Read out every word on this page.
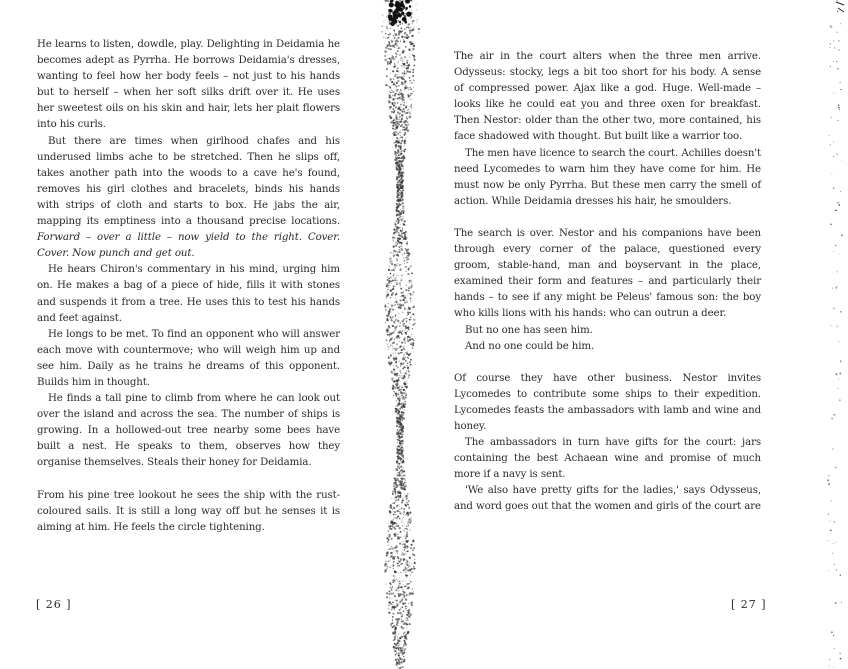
He learns to listen, dowdle, play. Delighting in Deidamia he becomes adept as Pyrrha. He borrows Deidamia's dresses, wanting to feel how her body feels – not just to his hands but to herself – when her soft silks drift over it. He uses her sweetest oils on his skin and hair, lets her plait flowers into his curls.

But there are times when girlhood chafes and his underused limbs ache to be stretched. Then he slips off, takes another path into the woods to a cave he's found, removes his girl clothes and bracelets, binds his hands with strips of cloth and starts to box. He jabs the air, mapping its emptiness into a thousand precise locations. Forward – over a little – now yield to the right. Cover. Cover. Now punch and get out.

He hears Chiron's commentary in his mind, urging him on. He makes a bag of a piece of hide, fills it with stones and suspends it from a tree. He uses this to test his hands and feet against.

He longs to be met. To find an opponent who will answer each move with countermove; who will weigh him up and see him. Daily as he trains he dreams of this opponent. Builds him in thought.

He finds a tall pine to climb from where he can look out over the island and across the sea. The number of ships is growing. In a hollowed-out tree nearby some bees have built a nest. He speaks to them, observes how they organise themselves. Steals their honey for Deidamia.

From his pine tree lookout he sees the ship with the rust-coloured sails. It is still a long way off but he senses it is aiming at him. He feels the circle tightening.

[ 26 ]

The air in the court alters when the three men arrive. Odysseus: stocky, legs a bit too short for his body. A sense of compressed power. Ajax like a god. Huge. Well-made – looks like he could eat you and three oxen for breakfast. Then Nestor: older than the other two, more contained, his face shadowed with thought. But built like a warrior too.

The men have licence to search the court. Achilles doesn't need Lycomedes to warn him they have come for him. He must now be only Pyrrha. But these men carry the smell of action. While Deidamia dresses his hair, he smoulders.

The search is over. Nestor and his companions have been through every corner of the palace, questioned every groom, stable-hand, man and boyservant in the place, examined their form and features – and particularly their hands – to see if any might be Peleus' famous son: the boy who kills lions with his hands: who can outrun a deer.

But no one has seen him.

And no one could be him.

Of course they have other business. Nestor invites Lycomedes to contribute some ships to their expedition. Lycomedes feasts the ambassadors with lamb and wine and honey.

The ambassadors in turn have gifts for the court: jars containing the best Achaean wine and promise of much more if a navy is sent.

'We also have pretty gifts for the ladies,' says Odysseus, and word goes out that the women and girls of the court are

[ 27 ]
